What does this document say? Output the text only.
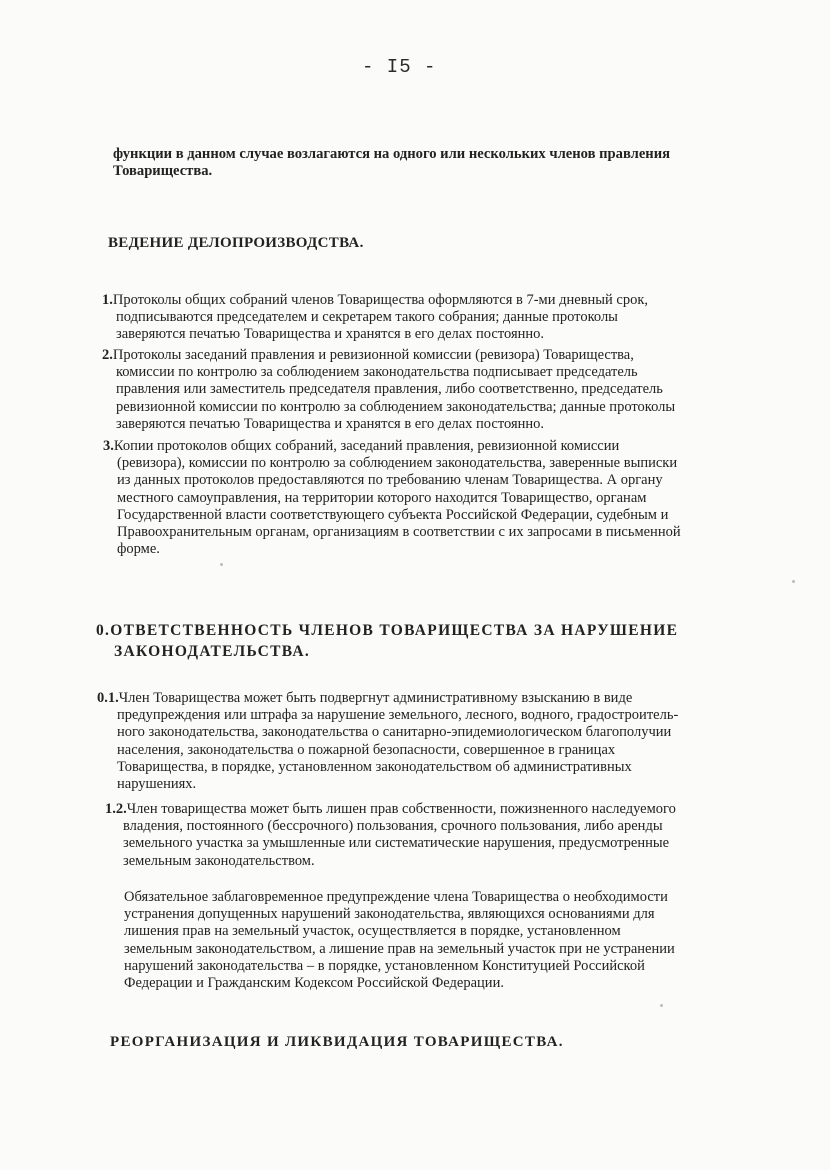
- I5 -
функции в данном случае возлагаются на одного или нескольких членов правления
Товарищества.
ВЕДЕНИЕ ДЕЛОПРОИЗВОДСТВА.
1.Протоколы общих собраний членов Товарищества оформляются в 7-ми дневный срок,

подписываются председателем и секретарем такого собрания; данные протоколы
заверяются печатью Товарищества и хранятся в его делах постоянно.
2.Протоколы заседаний правления и ревизионной комиссии (ревизора) Товарищества,

комиссии по контролю за соблюдением законодательства подписывает председатель
правления или заместитель председателя правления, либо соответственно, председатель
ревизионной комиссии по контролю за соблюдением законодательства; данные протоколы
заверяются печатью Товарищества и хранятся в его делах постоянно.
3.Копии протоколов общих собраний, заседаний правления, ревизионной комиссии

(ревизора), комиссии по контролю за соблюдением законодательства, заверенные выписки
из данных протоколов предоставляются по требованию членам Товарищества. А органу
местного самоуправления, на территории которого находится Товарищество, органам
Государственной власти соответствующего субъекта Российской Федерации, судебным и
Правоохранительным органам, организациям в соответствии с их запросами в письменной
форме.
0.ОТВЕТСТВЕННОСТЬ ЧЛЕНОВ ТОВАРИЩЕСТВА ЗА НАРУШЕНИЕ
ЗАКОНОДАТЕЛЬСТВА.
0.1.Член Товарищества может быть подвергнут административному взысканию в виде

предупреждения или штрафа за нарушение земельного, лесного, водного, градостроитель-
ного законодательства, законодательства о санитарно-эпидемиологическом благополучии
населения, законодательства о пожарной безопасности, совершенное в границах
Товарищества, в порядке, установленном законодательством об административных
нарушениях.
1.2.Член товарищества может быть лишен прав собственности, пожизненного наследуемого

владения, постоянного (бессрочного) пользования, срочного пользования, либо аренды
земельного участка за умышленные или систематические нарушения, предусмотренные
земельным законодательством.
Обязательное заблаговременное предупреждение члена Товарищества о необходимости
устранения допущенных нарушений законодательства, являющихся основаниями для
лишения прав на земельный участок, осуществляется в порядке, установленном
земельным законодательством, а лишение прав на земельный участок при не устранении
нарушений законодательства – в порядке, установленном Конституцией Российской
Федерации и Гражданским Кодексом Российской Федерации.
РЕОРГАНИЗАЦИЯ И ЛИКВИДАЦИЯ ТОВАРИЩЕСТВА.
